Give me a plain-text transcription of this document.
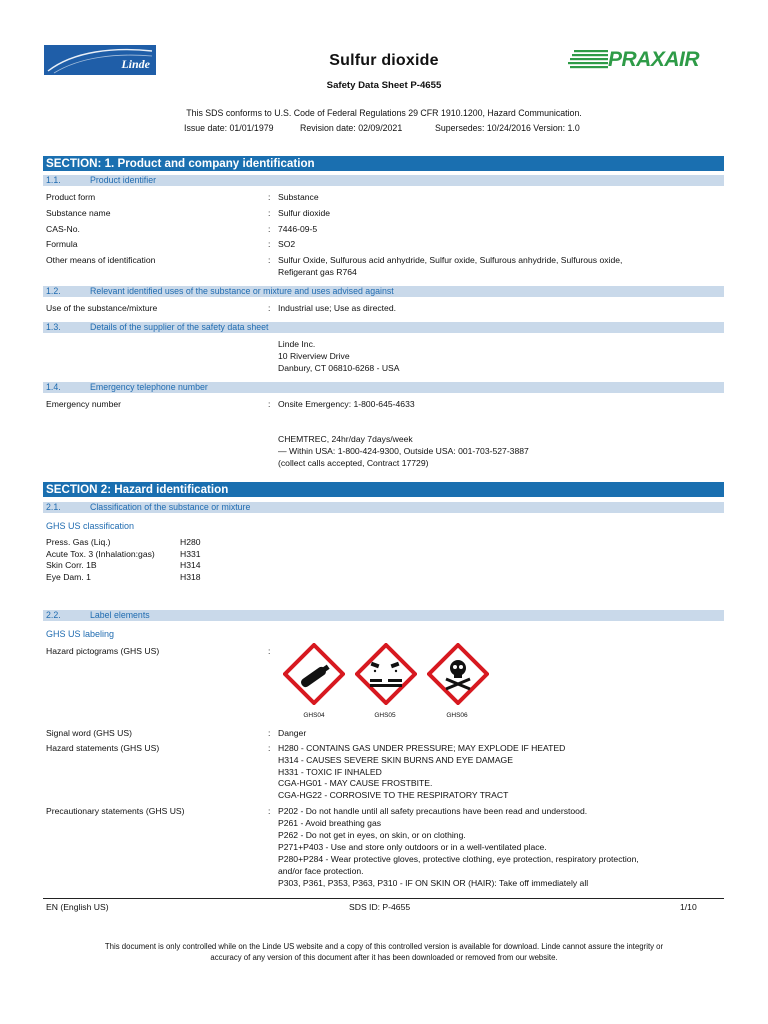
Linde	Sulfur dioxide
Safety Data Sheet P-4655
PRAXAIR
This SDS conforms to U.S. Code of Federal Regulations 29 CFR 1910.1200, Hazard Communication.
Issue date: 01/01/1979	Revision date: 02/09/2021	Supersedes: 10/24/2016 Version: 1.0
SECTION: 1. Product and company identification
1.1.	Product identifier
Product form	: Substance
Substance name	: Sulfur dioxide
CAS-No.	: 7446-09-5
Formula	: SO2
Other means of identification	: Sulfur Oxide, Sulfurous acid anhydride, Sulfur oxide, Sulfurous anhydride, Sulfurous oxide,
Refigerant gas R764
1.2.	Relevant identified uses of the substance or mixture and uses advised against
Use of the substance/mixture	: Industrial use; Use as directed.
1.3.	Details of the supplier of the safety data sheet
Linde Inc.
10 Riverview Drive
Danbury, CT 06810-6268 - USA
1.4.	Emergency telephone number
Emergency number	: Onsite Emergency: 1-800-645-4633
CHEMTREC, 24hr/day 7days/week
— Within USA: 1-800-424-9300, Outside USA: 001-703-527-3887
(collect calls accepted, Contract 17729)
SECTION 2: Hazard identification
2.1.	Classification of the substance or mixture
GHS US classification
Press. Gas (Liq.)	H280
Acute Tox. 3 (Inhalation:gas)	H331
Skin Corr. 1B	H314
Eye Dam. 1	H318
2.2.	Label elements
GHS US labeling
Hazard pictograms (GHS US)	:
GHS04	GHS05	GHS06
Signal word (GHS US)	: Danger
Hazard statements (GHS US)	: H280 - CONTAINS GAS UNDER PRESSURE; MAY EXPLODE IF HEATED
H314 - CAUSES SEVERE SKIN BURNS AND EYE DAMAGE
H331 - TOXIC IF INHALED
CGA-HG01 - MAY CAUSE FROSTBITE.
CGA-HG22 - CORROSIVE TO THE RESPIRATORY TRACT
Precautionary statements (GHS US)	: P202 - Do not handle until all safety precautions have been read and understood.
P261 - Avoid breathing gas
P262 - Do not get in eyes, on skin, or on clothing.
P271+P403 - Use and store only outdoors or in a well-ventilated place.
P280+P284 - Wear protective gloves, protective clothing, eye protection, respiratory protection,
and/or face protection.
P303, P361, P353, P363, P310 - IF ON SKIN OR (HAIR): Take off immediately all
EN (English US)	SDS ID: P-4655	1/10
This document is only controlled while on the Linde US website and a copy of this controlled version is available for download. Linde cannot assure the integrity or
accuracy of any version of this document after it has been downloaded or removed from our website.
